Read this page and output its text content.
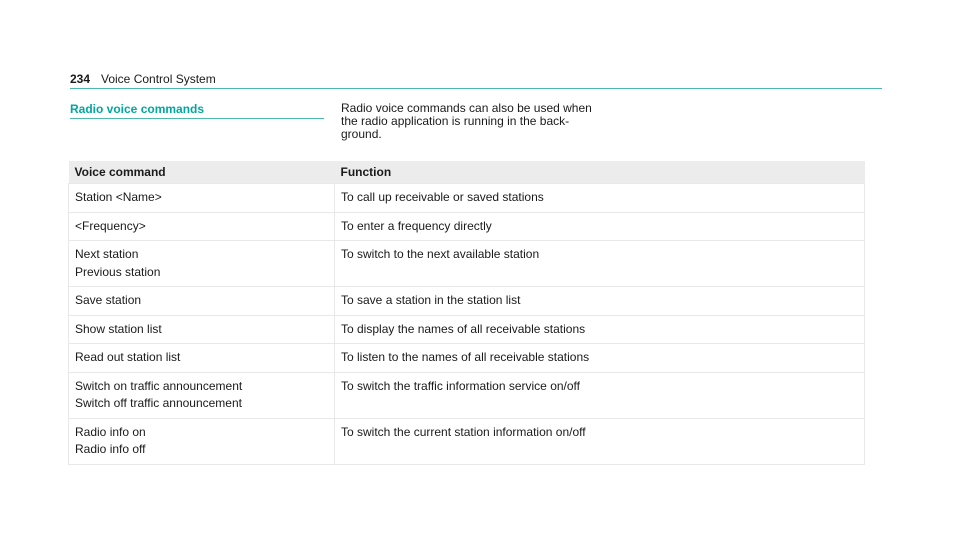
234 Voice Control System
Radio voice commands	Radio voice commands can also be used when
the radio application is running in the back-
ground.
Voice command	Function

Station <Name>	To call up receivable or saved stations

<Frequency>	To enter a frequency directly

Next station
Previous station	To switch to the next available station

Save station	To save a station in the station list

Show station list	To display the names of all receivable stations

Read out station list	To listen to the names of all receivable stations

Switch on traffic announcement
Switch off traffic announcement	To switch the traffic information service on/off

Radio info on
Radio info off	To switch the current station information on/off
